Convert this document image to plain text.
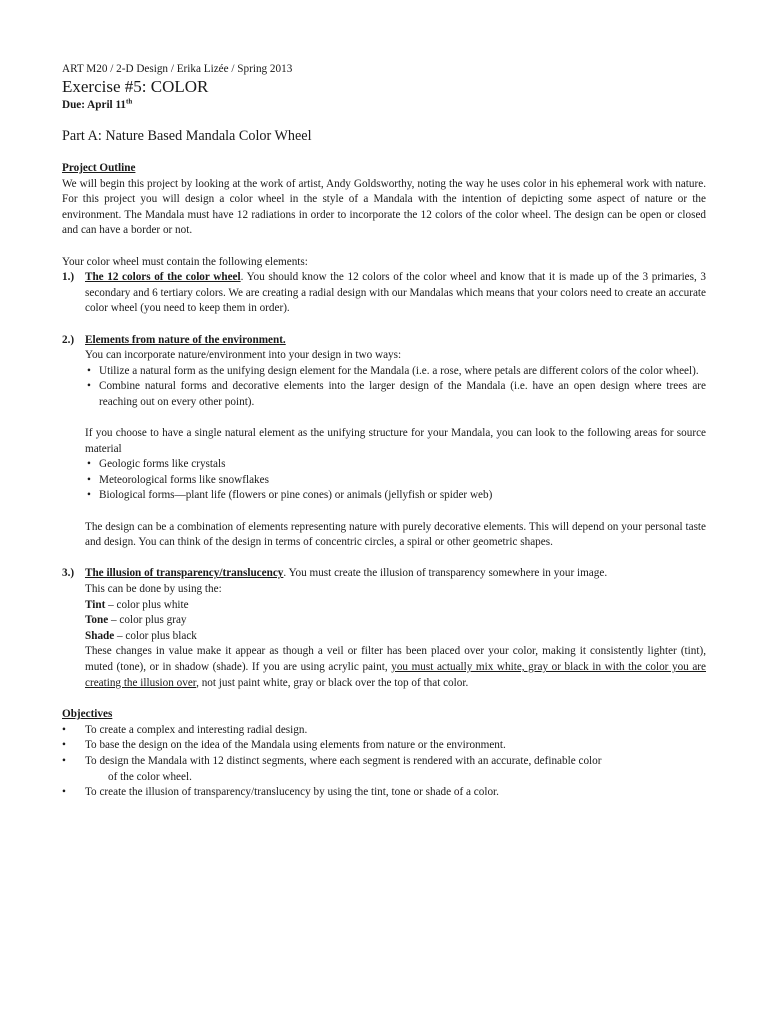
ART M20 / 2-D Design / Erika Lizée / Spring 2013
Exercise #5: COLOR
Due: April 11th
Part A: Nature Based Mandala Color Wheel
Project Outline

We will begin this project by looking at the work of artist, Andy Goldsworthy, noting the way he uses color in his ephemeral work with nature. For this project you will design a color wheel in the style of a Mandala with the intention of depicting some aspect of nature or the environment. The Mandala must have 12 radiations in order to incorporate the 12 colors of the color wheel. The design can be open or closed and can have a border or not.

Your color wheel must contain the following elements:

1.) The 12 colors of the color wheel. You should know the 12 colors of the color wheel and know that it is made up of the 3 primaries, 3 secondary and 6 tertiary colors. We are creating a radial design with our Mandalas which means that your colors need to create an accurate color wheel (you need to keep them in order).

2.) Elements from nature of the environment.

You can incorporate nature/environment into your design in two ways:

• Utilize a natural form as the unifying design element for the Mandala (i.e. a rose, where petals are different colors of the color wheel).

• Combine natural forms and decorative elements into the larger design of the Mandala (i.e. have an open design where trees are reaching out on every other point).

If you choose to have a single natural element as the unifying structure for your Mandala, you can look to the following areas for source material

• Geologic forms like crystals

• Meteorological forms like snowflakes

• Biological forms—plant life (flowers or pine cones) or animals (jellyfish or spider web)

The design can be a combination of elements representing nature with purely decorative elements. This will depend on your personal taste and design. You can think of the design in terms of concentric circles, a spiral or other geometric shapes.

3.) The illusion of transparency/translucency. You must create the illusion of transparency somewhere in your image.

This can be done by using the:

Tint – color plus white

Tone – color plus gray

Shade – color plus black

These changes in value make it appear as though a veil or filter has been placed over your color, making it consistently lighter (tint), muted (tone), or in shadow (shade). If you are using acrylic paint, you must actually mix white, gray or black in with the color you are creating the illusion over, not just paint white, gray or black over the top of that color.

Objectives
• To create a complex and interesting radial design.

• To base the design on the idea of the Mandala using elements from nature or the environment.

• To design the Mandala with 12 distinct segments, where each segment is rendered with an accurate, definable color

of the color wheel.
• To create the illusion of transparency/translucency by using the tint, tone or shade of a color.
